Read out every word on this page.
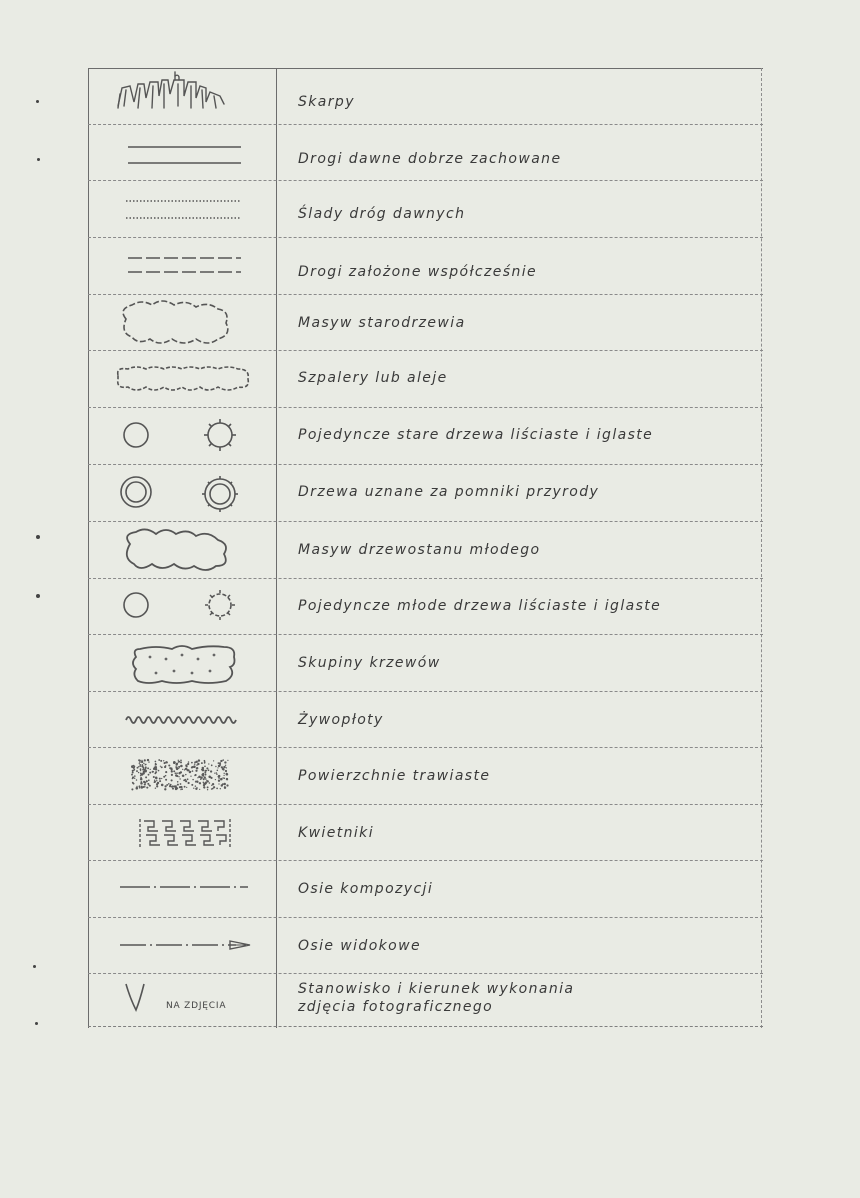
Skarpy
Drogi dawne dobrze zachowane
Ślady dróg dawnych
Drogi założone współcześnie
Masyw starodrzewia
Szpalery lub aleje
Pojedyncze stare drzewa liściaste i iglaste
Drzewa uznane za pomniki przyrody
Masyw drzewostanu młodego
Pojedyncze młode drzewa liściaste i iglaste
Skupiny krzewów
Żywopłoty
Powierzchnie trawiaste
Kwietniki
Osie kompozycji
Osie widokowe
NA ZDJĘCIA
Stanowisko i kierunek wykonania
zdjęcia fotograficznego
